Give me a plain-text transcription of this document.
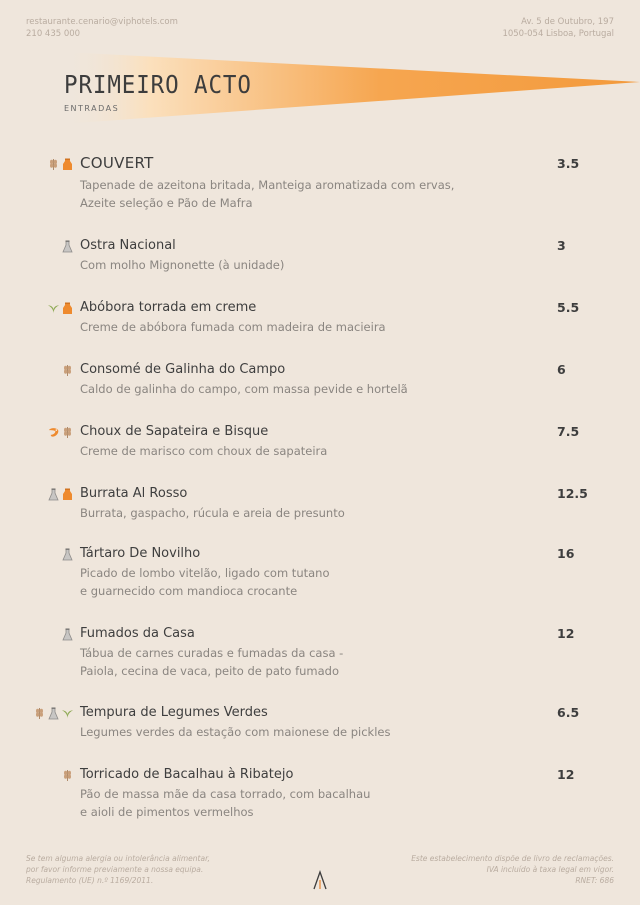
restaurante.cenario@viphotels.com
210 435 000
Av. 5 de Outubro, 197
1050-054 Lisboa, Portugal
PRIMEIRO ACTO
ENTRADAS
COUVERT
Tapenade de azeitona britada, Manteiga aromatizada com ervas,
Azeite seleção e Pão de Mafra
3.5
Ostra Nacional
Com molho Mignonette (à unidade)
3
Abóbora torrada em creme
Creme de abóbora fumada com madeira de macieira
5.5
Consomé de Galinha do Campo
Caldo de galinha do campo, com massa pevide e hortelã
6
Choux de Sapateira e Bisque
Creme de marisco com choux de sapateira
7.5
Burrata Al Rosso
Burrata, gaspacho, rúcula e areia de presunto
12.5
Tártaro De Novilho
Picado de lombo vitelão, ligado com tutano
e guarnecido com mandioca crocante
16
Fumados da Casa
Tábua de carnes curadas e fumadas da casa -
Paiola, cecina de vaca, peito de pato fumado
12
Tempura de Legumes Verdes
Legumes verdes da estação com maionese de pickles
6.5
Torricado de Bacalhau à Ribatejo
Pão de massa mãe da casa torrado, com bacalhau
e aioli de pimentos vermelhos
12
Se tem alguma alergia ou intolerância alimentar,
por favor informe previamente a nossa equipa.
Regulamento (UE) n.º 1169/2011.
Este estabelecimento dispõe de livro de reclamações.
IVA incluído à taxa legal em vigor.
RNET: 686
